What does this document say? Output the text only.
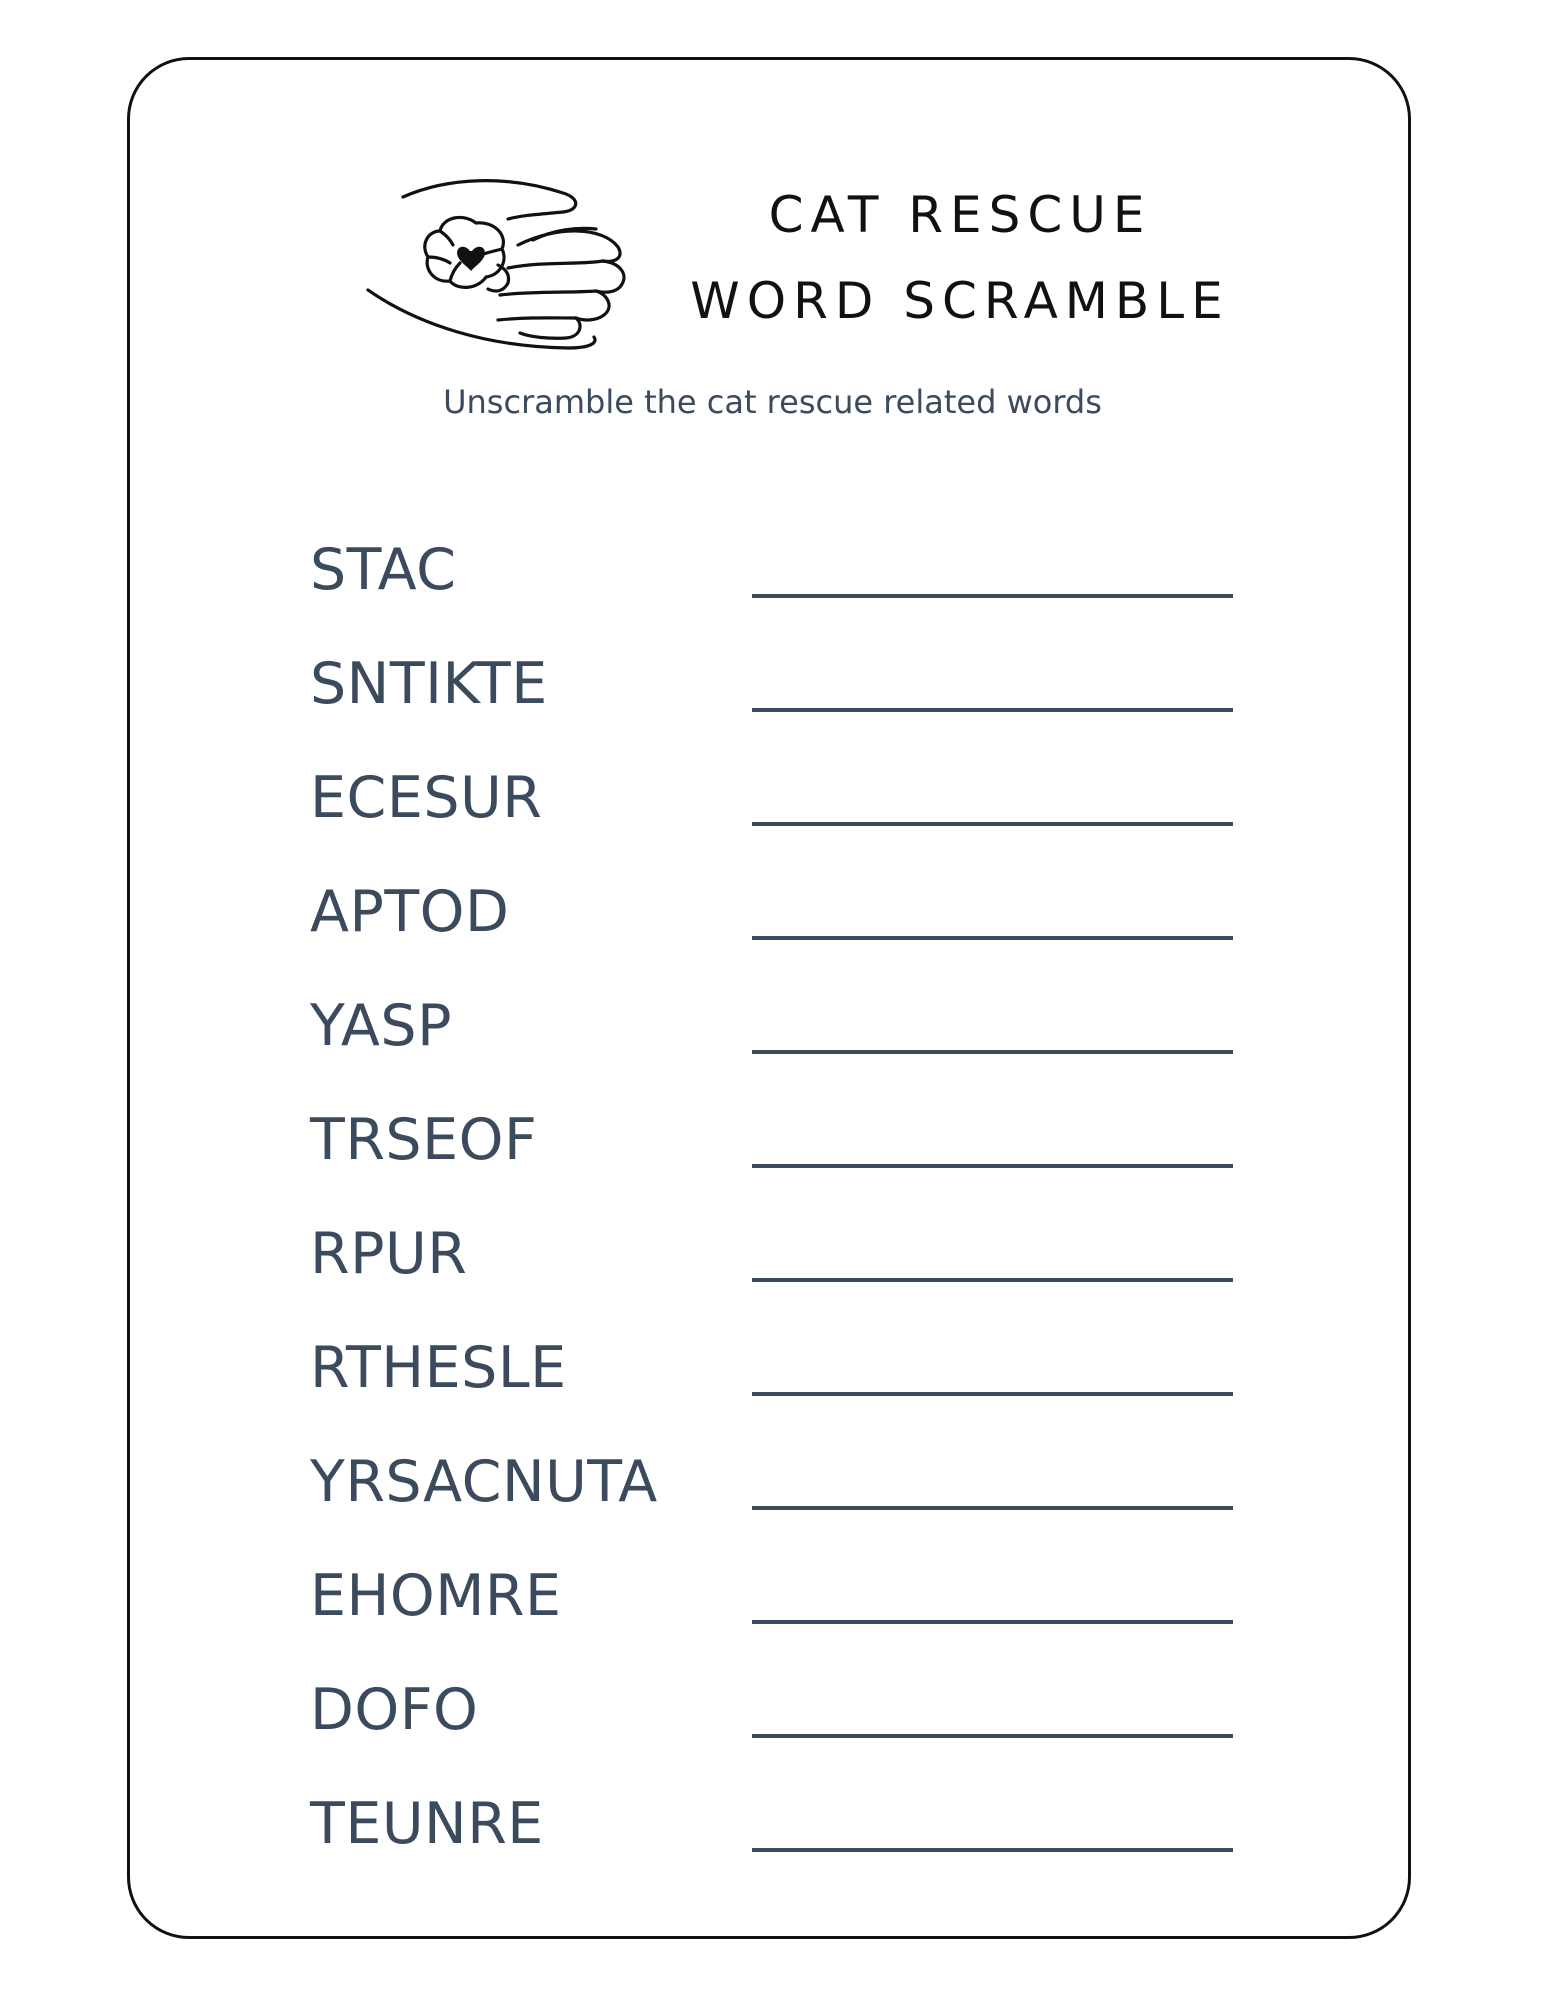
CAT RESCUE
WORD SCRAMBLE

Unscramble the cat rescue related words

STAC
SNTIKTE
ECESUR
APTOD
YASP
TRSEOF
RPUR
RTHESLE
YRSACNUTA
EHOMRE
DOFO
TEUNRE
